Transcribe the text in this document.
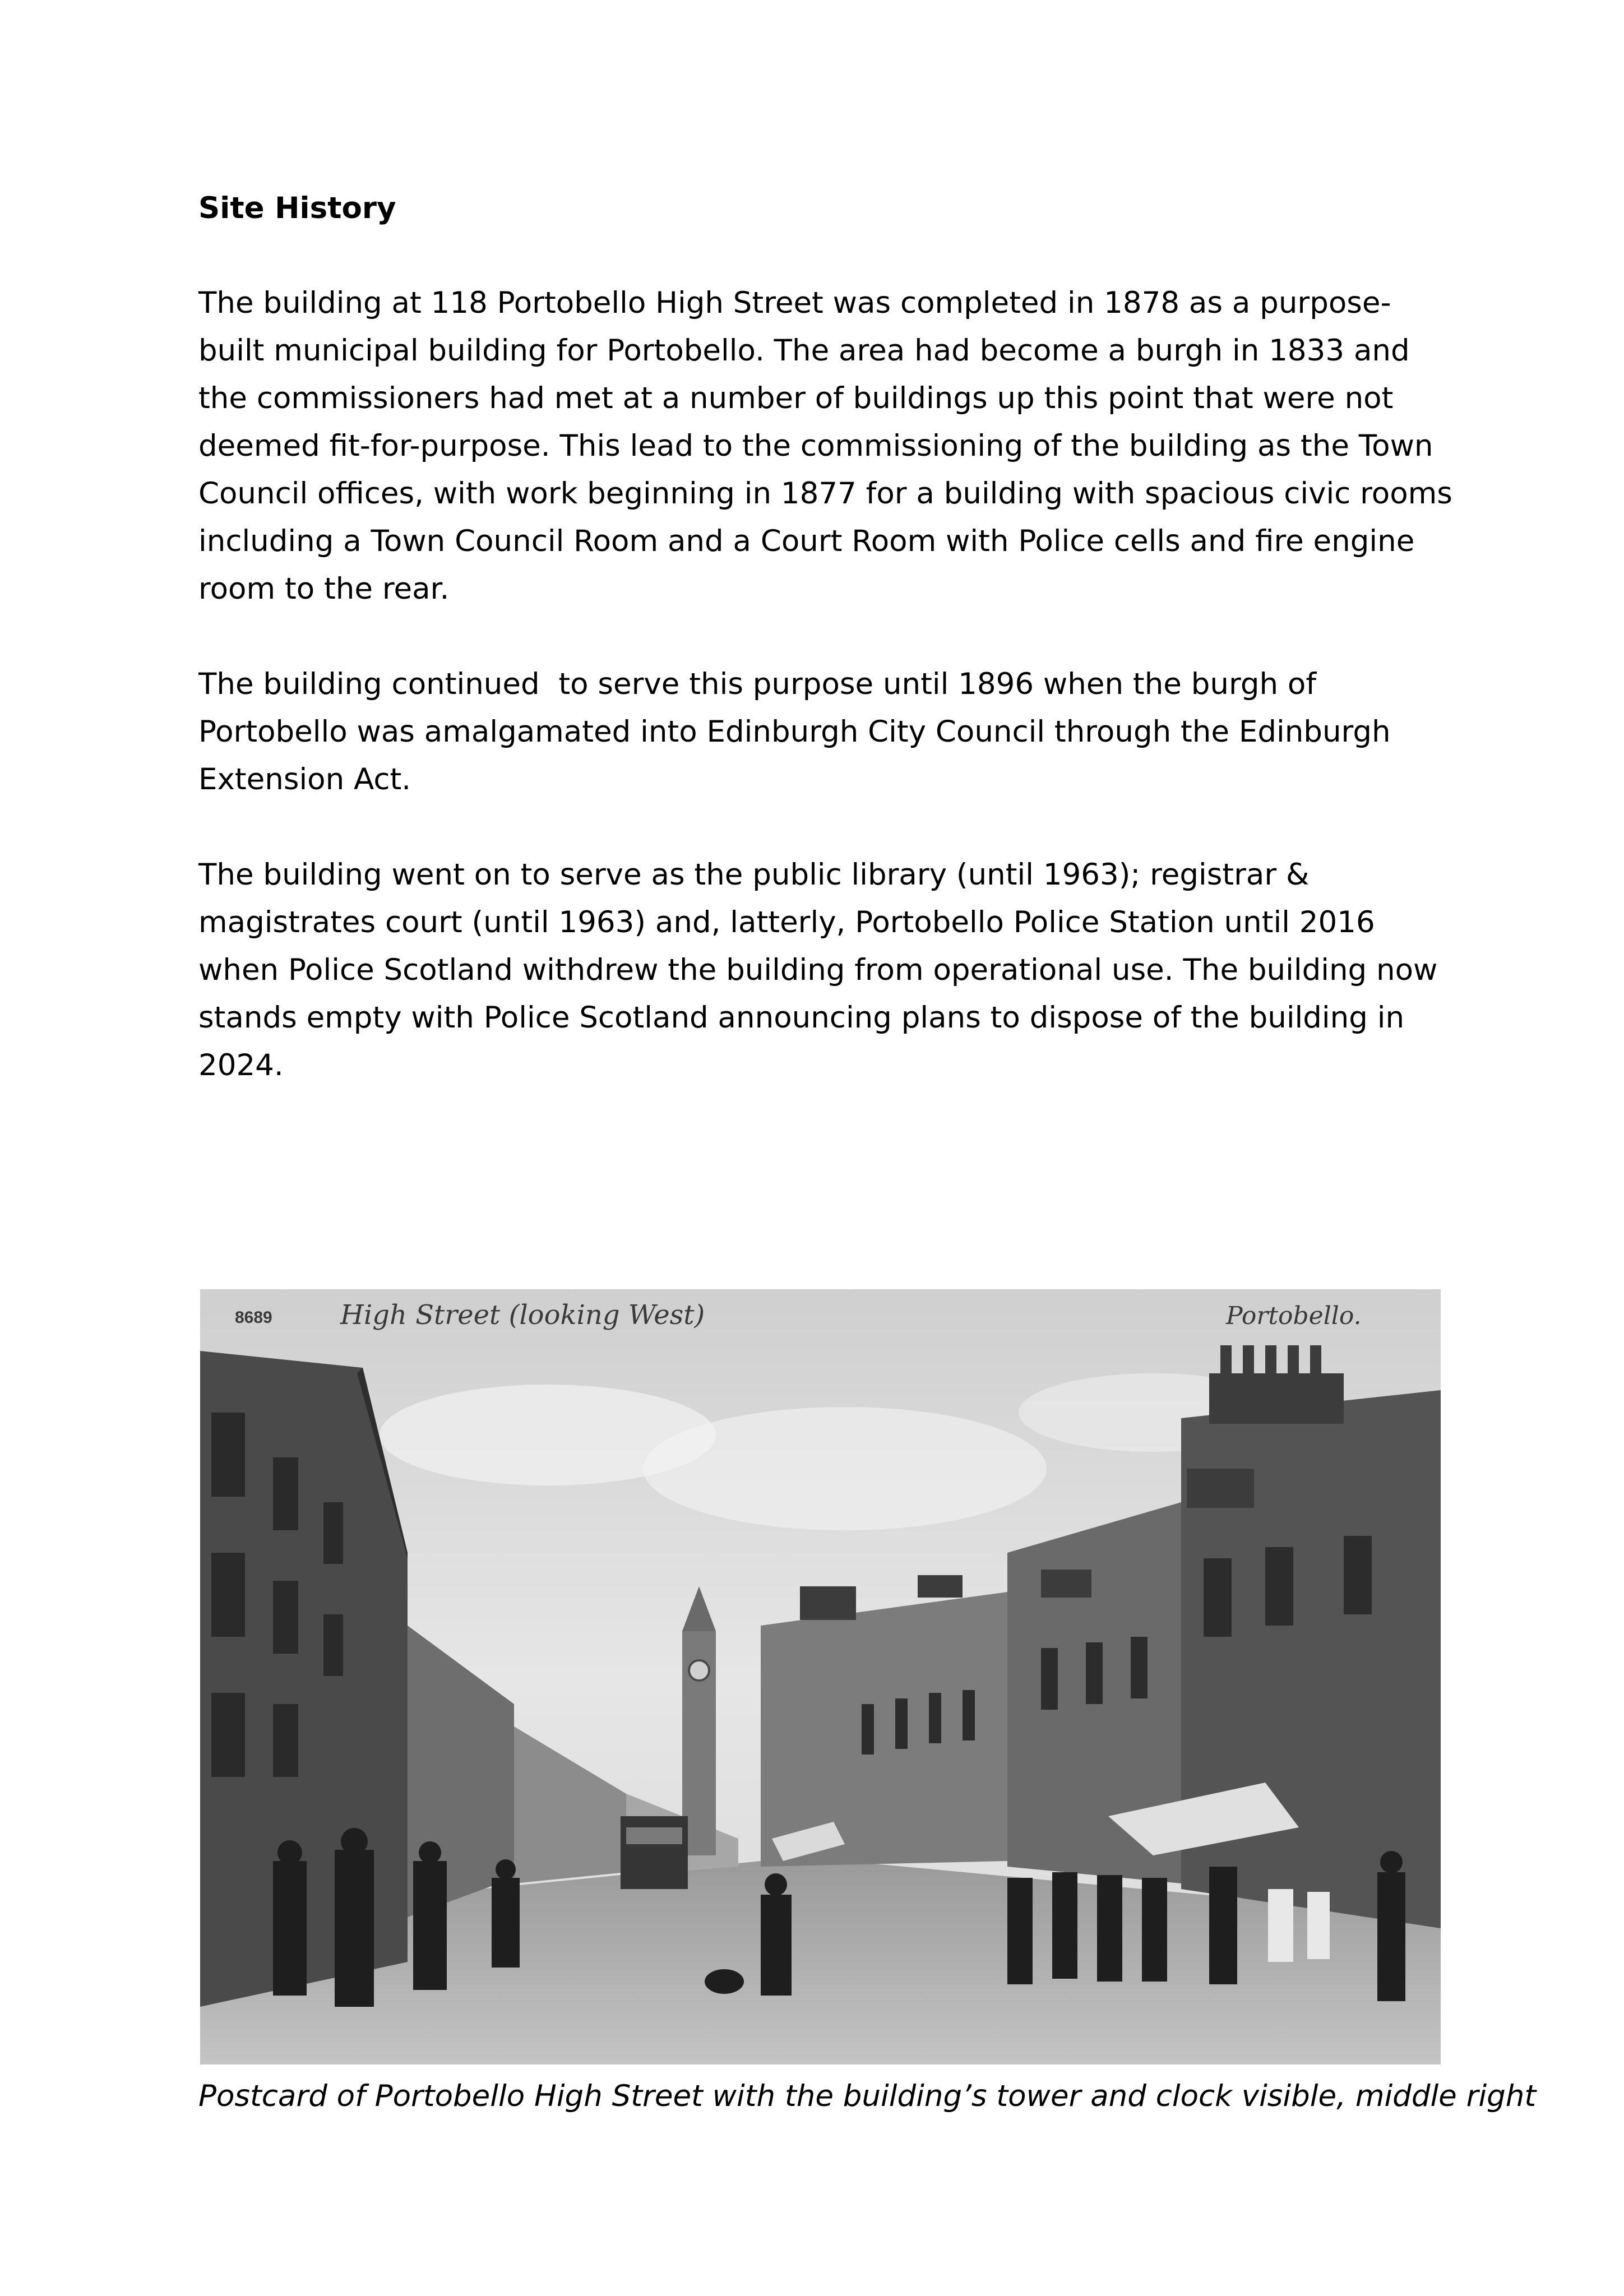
Site History

The building at 118 Portobello High Street was completed in 1878 as a purpose-built municipal building for Portobello. The area had become a burgh in 1833 and the commissioners had met at a number of buildings up this point that were not deemed fit-for-purpose. This lead to the commissioning of the building as the Town Council offices, with work beginning in 1877 for a building with spacious civic rooms including a Town Council Room and a Court Room with Police cells and fire engine room to the rear.

The building continued  to serve this purpose until 1896 when the burgh of Portobello was amalgamated into Edinburgh City Council through the Edinburgh Extension Act.

The building went on to serve as the public library (until 1963); registrar & magistrates court (until 1963) and, latterly, Portobello Police Station until 2016 when Police Scotland withdrew the building from operational use. The building now stands empty with Police Scotland announcing plans to dispose of the building in 2024.

8689	High Street (looking West)	Portobello.
Postcard of Portobello High Street with the building’s tower and clock visible, middle right
